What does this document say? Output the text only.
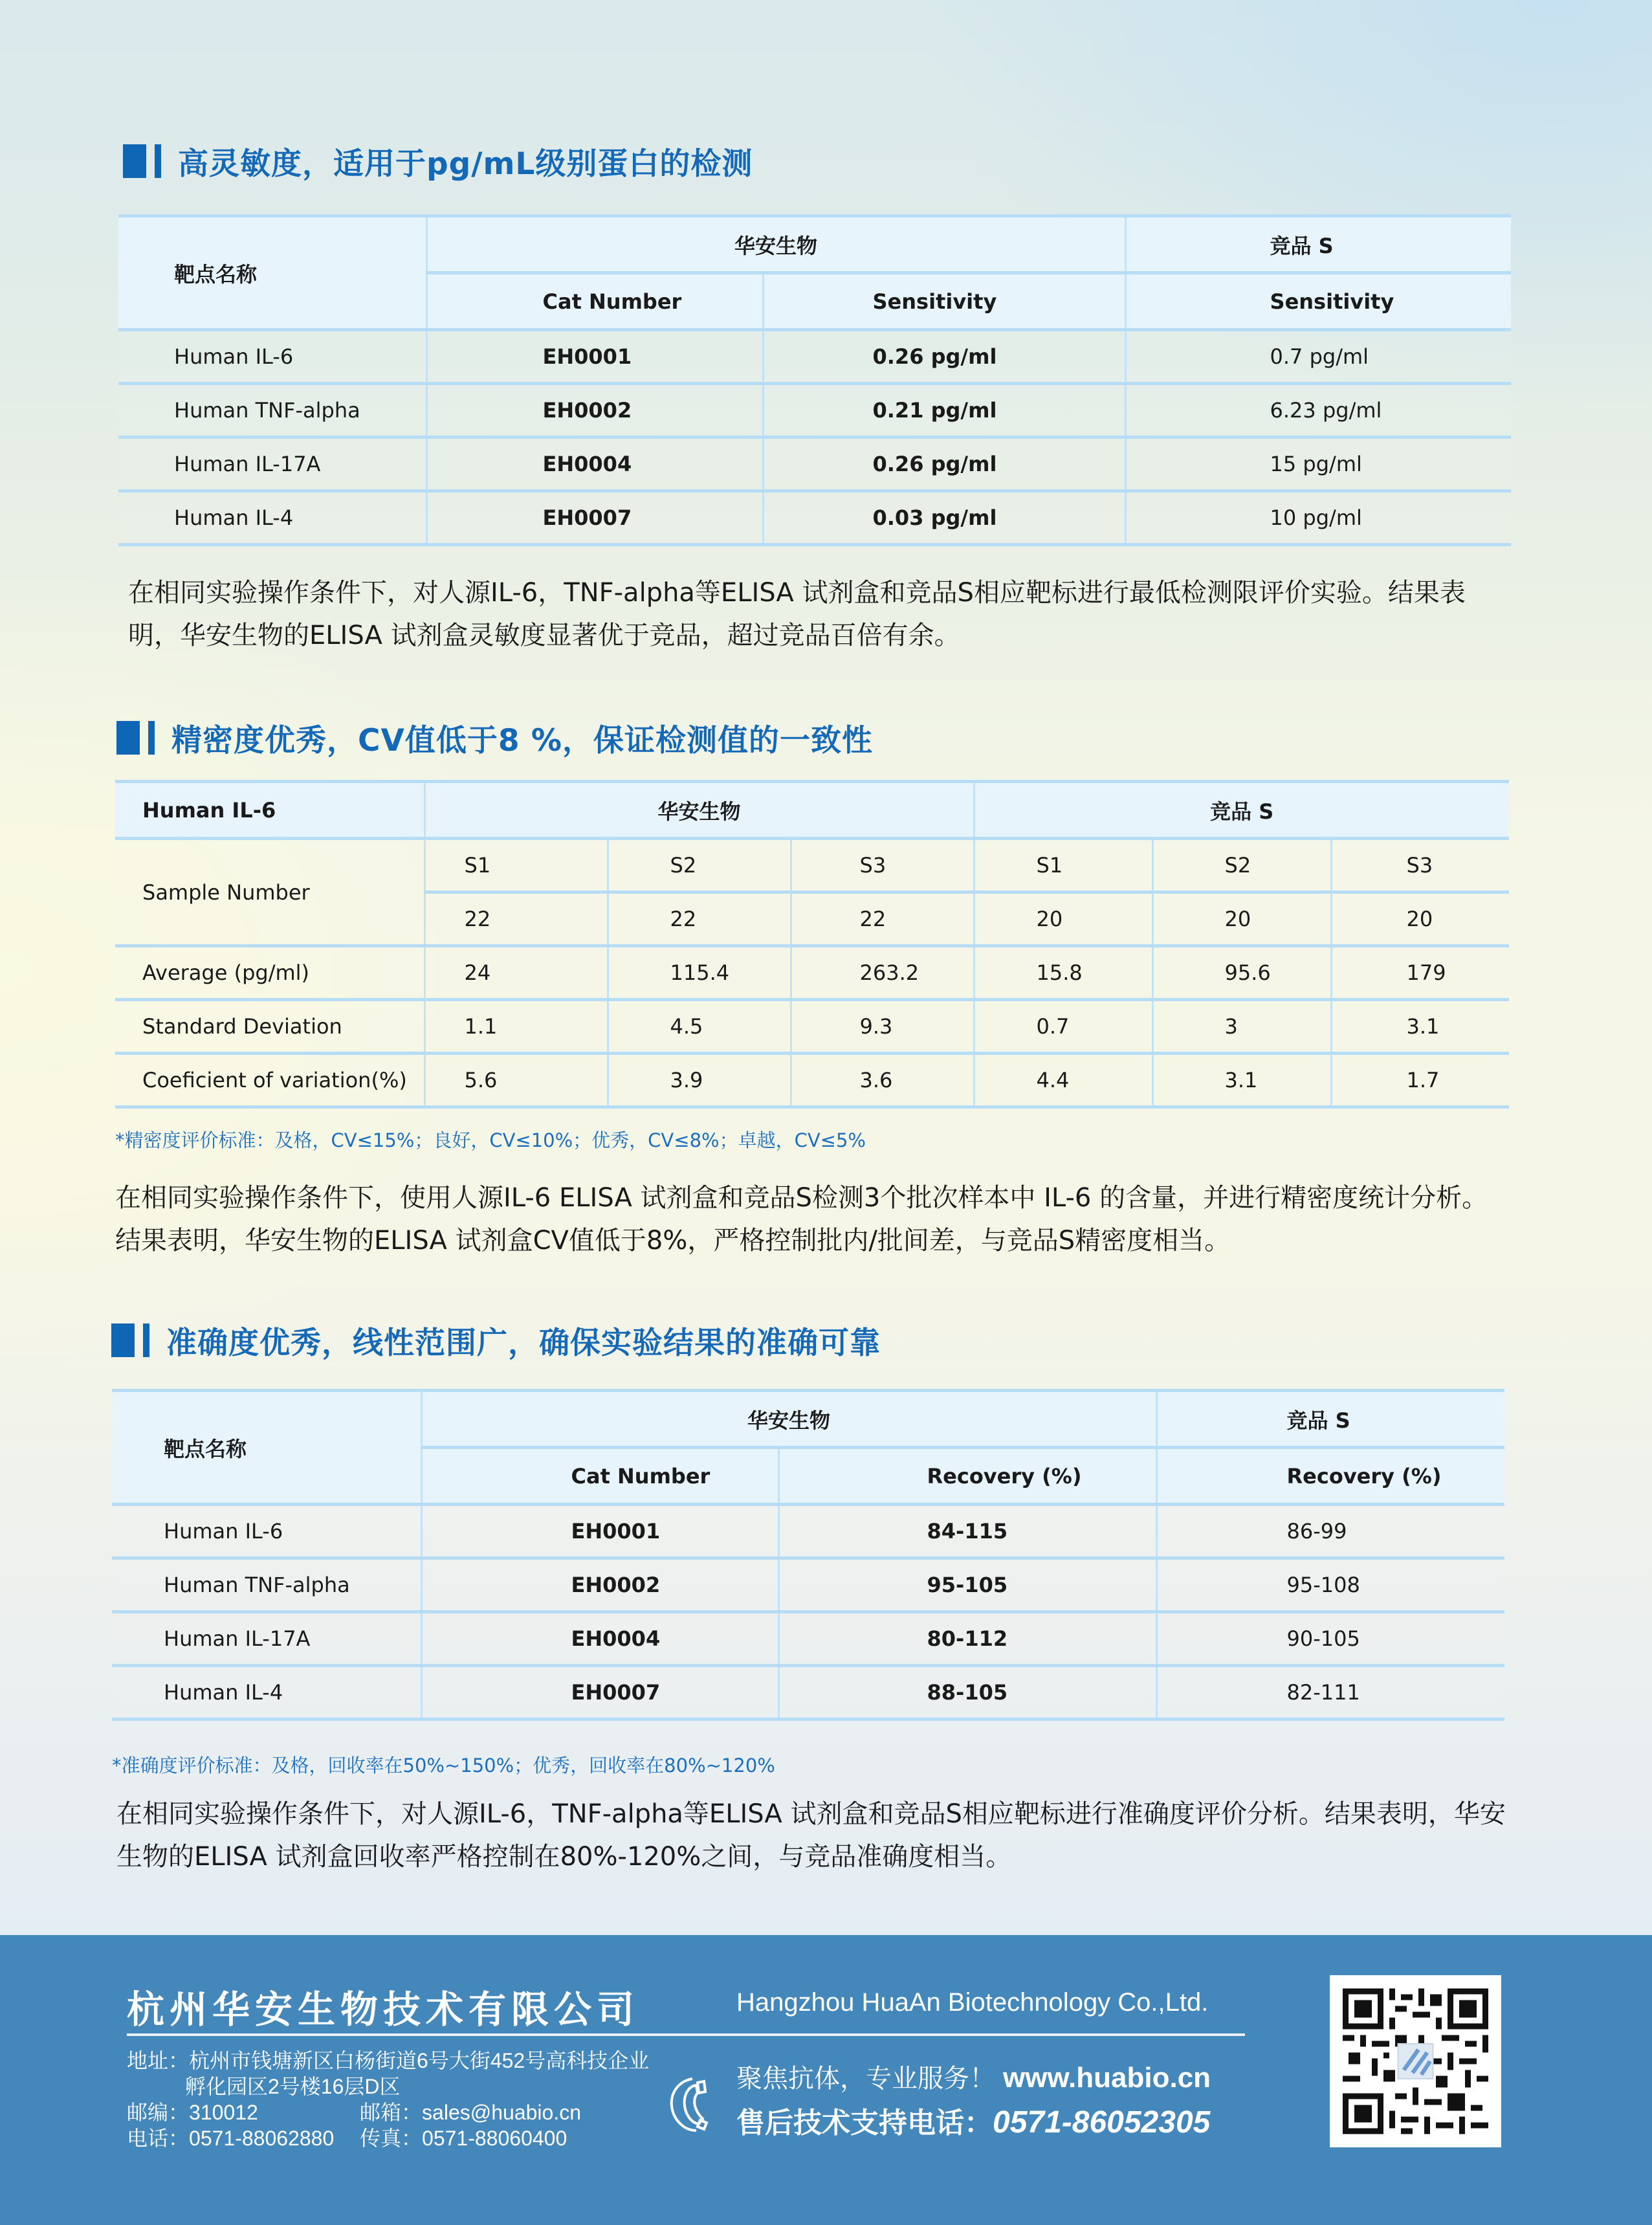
高灵敏度，适用于pg/mL级别蛋白的检测
靶点名称	华安生物		竞品 S
	Cat Number	Sensitivity	Sensitivity
Human IL-6	EH0001	0.26 pg/ml	0.7 pg/ml
Human TNF-alpha	EH0002	0.21 pg/ml	6.23 pg/ml
Human IL-17A	EH0004	0.26 pg/ml	15 pg/ml
Human IL-4	EH0007	0.03 pg/ml	10 pg/ml
在相同实验操作条件下，对人源IL-6，TNF-alpha等ELISA 试剂盒和竞品S相应靶标进行最低检测限评价实验。结果表明，华安生物的ELISA 试剂盒灵敏度显著优于竞品，超过竞品百倍有余。
精密度优秀，CV值低于8 %，保证检测值的一致性
Human IL-6	华安生物			竞品 S		
Sample Number	S1	S2	S3	S1	S2	S3
	22	22	22	20	20	20
Average (pg/ml)	24	115.4	263.2	15.8	95.6	179
Standard Deviation	1.1	4.5	9.3	0.7	3	3.1
Coeficient of variation(%)	5.6	3.9	3.6	4.4	3.1	1.7
*精密度评价标准：及格，CV≤15%；良好，CV≤10%；优秀，CV≤8%；卓越，CV≤5%
在相同实验操作条件下，使用人源IL-6 ELISA 试剂盒和竞品S检测3个批次样本中 IL-6 的含量，并进行精密度统计分析。
结果表明，华安生物的ELISA 试剂盒CV值低于8%，严格控制批内/批间差，与竞品S精密度相当。
准确度优秀，线性范围广，确保实验结果的准确可靠
靶点名称	华安生物		竞品 S
	Cat Number	Recovery (%)	Recovery (%)
Human IL-6	EH0001	84-115	86-99
Human TNF-alpha	EH0002	95-105	95-108
Human IL-17A	EH0004	80-112	90-105
Human IL-4	EH0007	88-105	82-111
*准确度评价标准：及格，回收率在50%~150%；优秀，回收率在80%~120%
在相同实验操作条件下，对人源IL-6，TNF-alpha等ELISA 试剂盒和竞品S相应靶标进行准确度评价分析。结果表明，华安生物的ELISA 试剂盒回收率严格控制在80%-120%之间，与竞品准确度相当。
杭州华安生物技术有限公司	Hangzhou HuaAn Biotechnology Co.,Ltd.
地址：杭州市钱塘新区白杨街道6号大街452号高科技企业
孵化园区2号楼16层D区
邮编：310012	邮箱：sales@huabio.cn
电话：0571-88062880 传真：0571-88060400
聚焦抗体，专业服务！ www.huabio.cn
售后技术支持电话：0571-86052305
